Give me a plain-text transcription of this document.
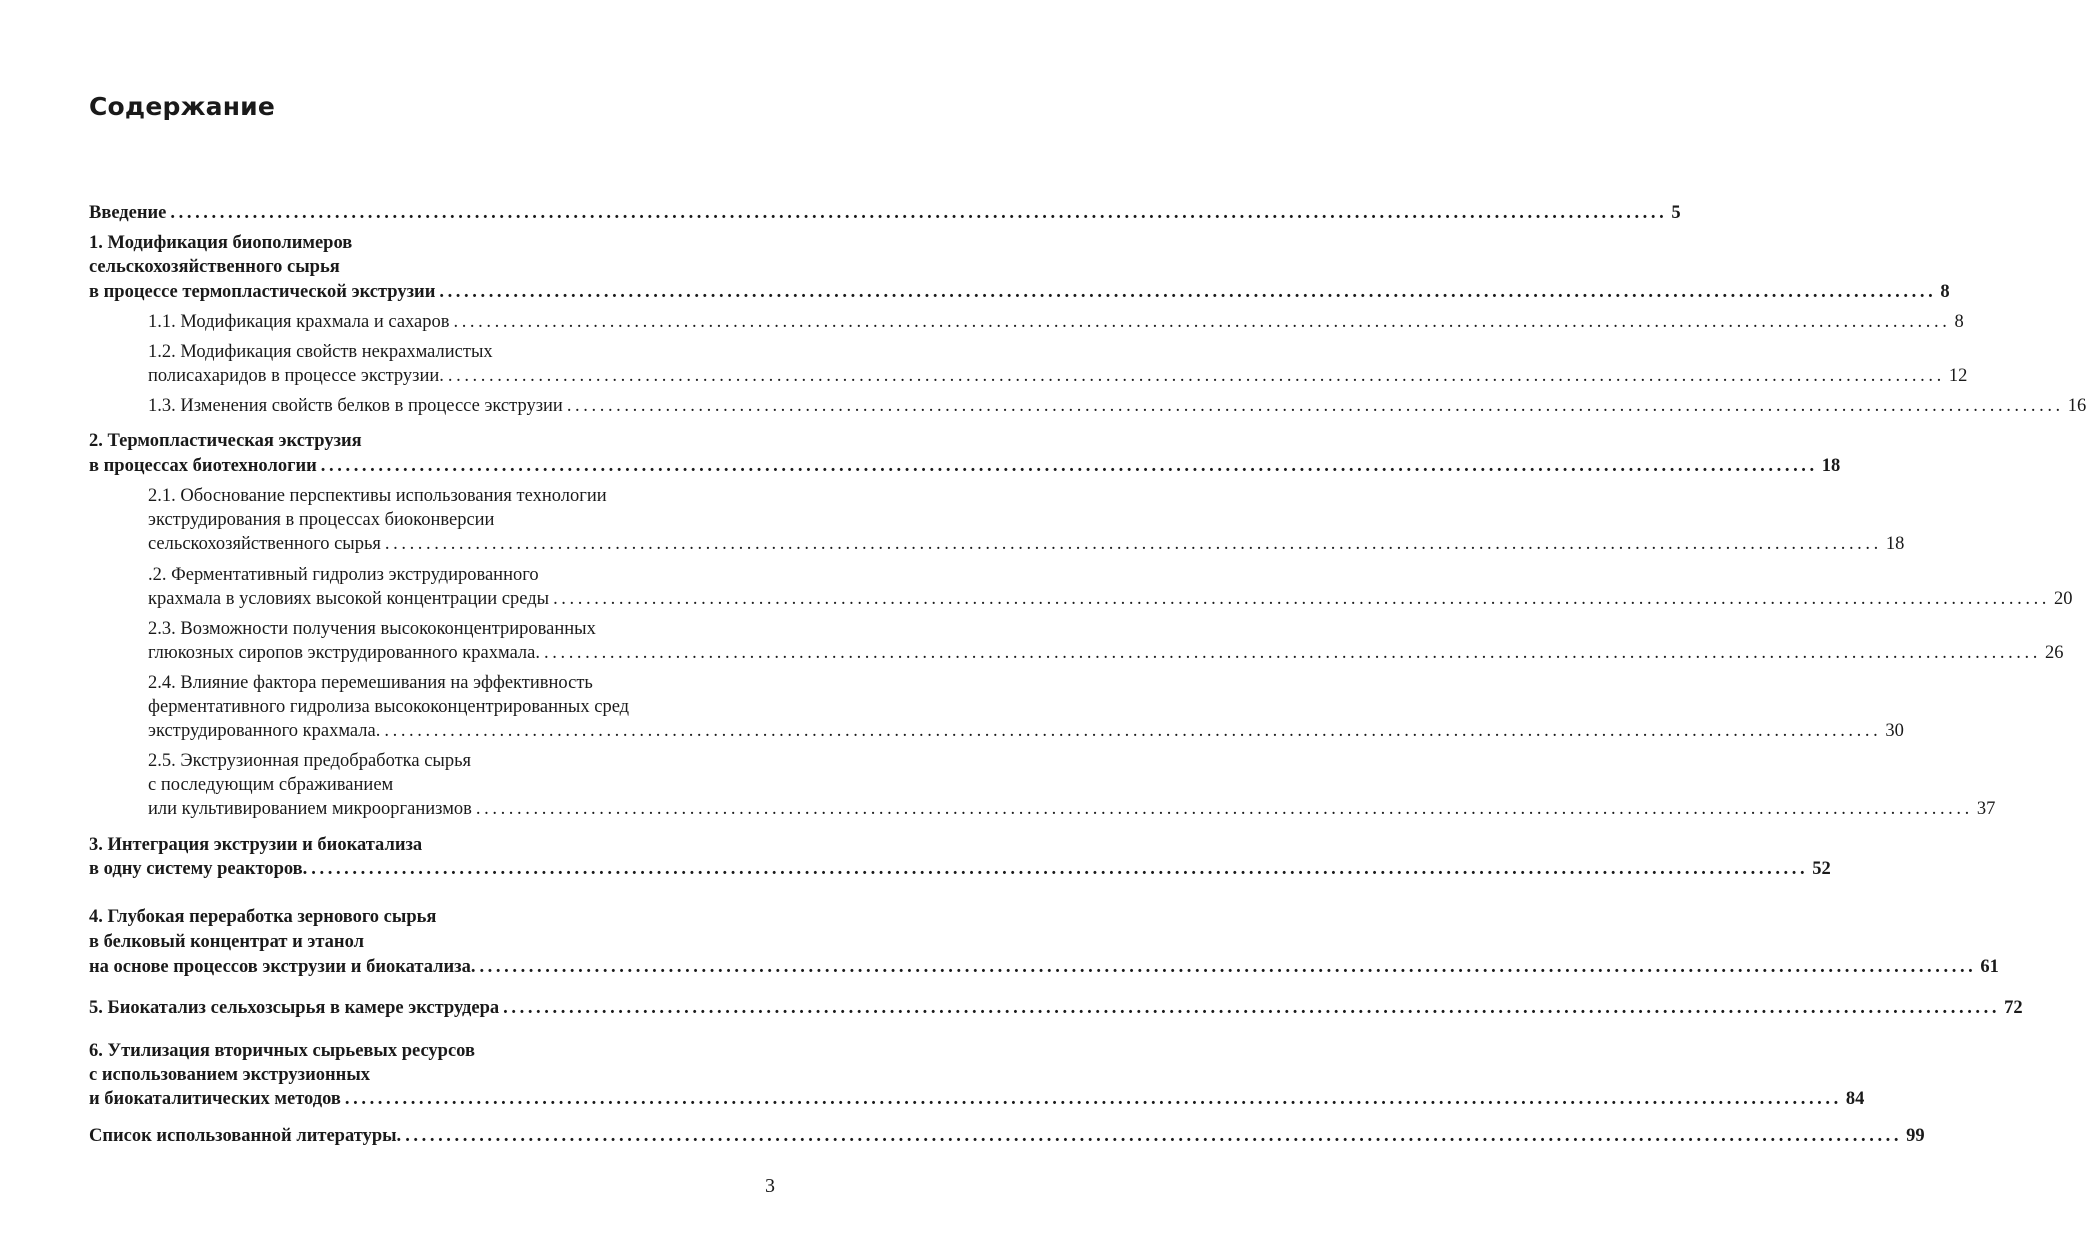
Содержание
Введение ...................................................................................................................................................................................... 5
1. Модификация биополимеров
сельскохозяйственного сырья
в процессе термопластической экструзии ...................................................................................................................................................................................... 8
1.1. Модификация крахмала и сахаров ...................................................................................................................................................................................... 8
1.2. Модификация свойств некрахмалистых
полисахаридов в процессе экструзии. ...................................................................................................................................................................................... 12
1.3. Изменения свойств белков в процессе экструзии ...................................................................................................................................................................................... 16
2. Термопластическая экструзия
в процессах биотехнологии ...................................................................................................................................................................................... 18
2.1. Обоснование перспективы использования технологии
экструдирования в процессах биоконверсии
сельскохозяйственного сырья ...................................................................................................................................................................................... 18
.2. Ферментативный гидролиз экструдированного
крахмала в условиях высокой концентрации среды ...................................................................................................................................................................................... 20
2.3. Возможности получения высококонцентрированных
глюкозных сиропов экструдированного крахмала. ...................................................................................................................................................................................... 26
2.4. Влияние фактора перемешивания на эффективность
ферментативного гидролиза высококонцентрированных сред
экструдированного крахмала. ...................................................................................................................................................................................... 30
2.5. Экструзионная предобработка сырья
с последующим сбраживанием
или культивированием микроорганизмов ...................................................................................................................................................................................... 37
3. Интеграция экструзии и биокатализа
в одну систему реакторов. ...................................................................................................................................................................................... 52
4. Глубокая переработка зернового сырья
в белковый концентрат и этанол
на основе процессов экструзии и биокатализа. ...................................................................................................................................................................................... 61
5. Биокатализ сельхозсырья в камере экструдера ...................................................................................................................................................................................... 72
6. Утилизация вторичных сырьевых ресурсов
с использованием экструзионных
и биокаталитических методов ...................................................................................................................................................................................... 84
Список использованной литературы. ...................................................................................................................................................................................... 99
3
